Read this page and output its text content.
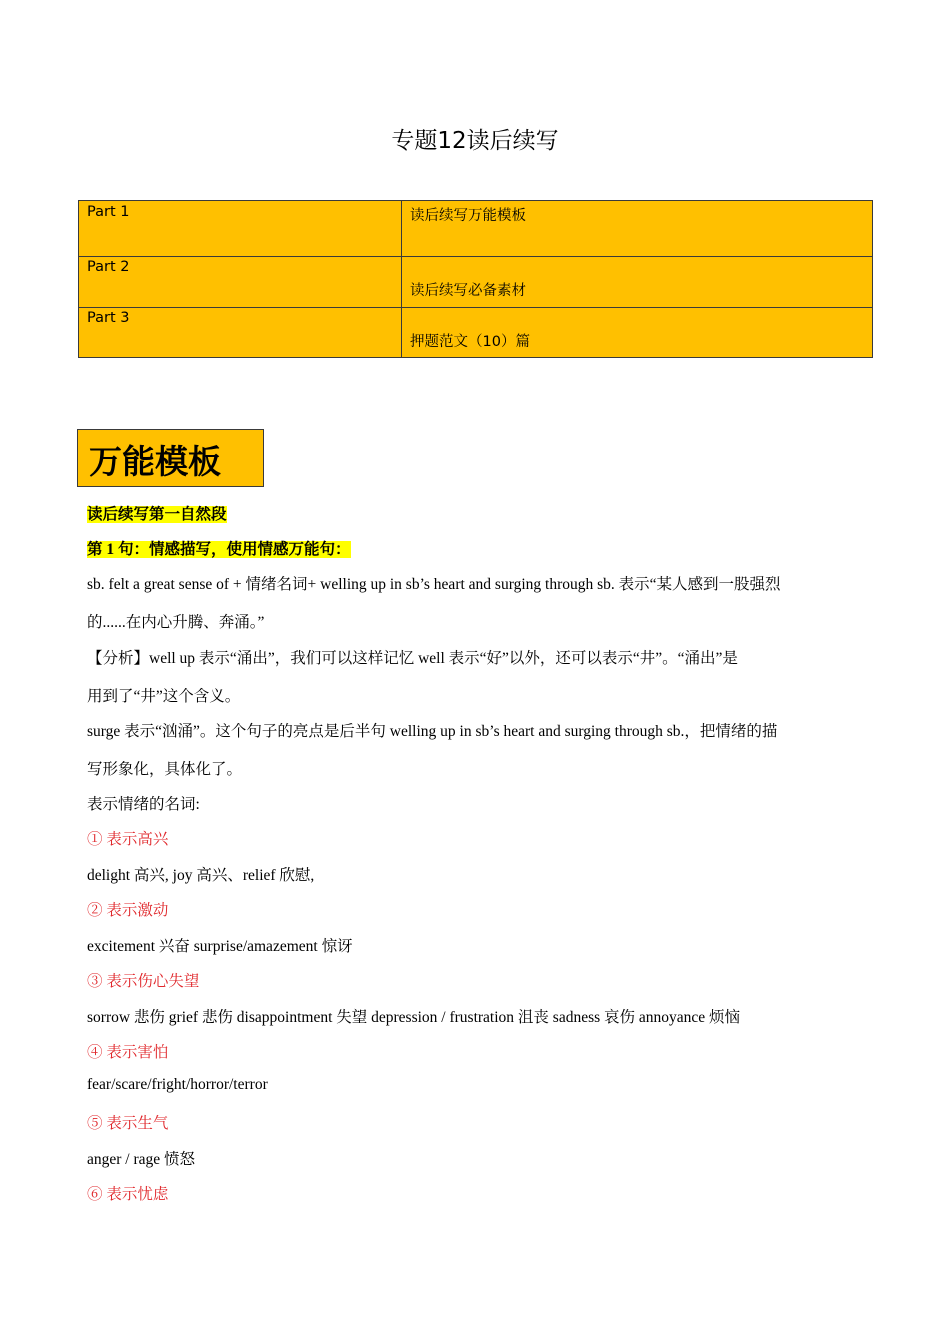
专题12读后续写
Part 1	读后续写万能模板

Part 2	读后续写必备素材

Part 3	押题范文（10）篇
万能模板
读后续写第一自然段
第 1 句：情感描写，使用情感万能句：
sb. felt a great sense of + 情绪名词+ welling up in sb’s heart and surging through sb. 表示“某人感到一股强烈
的......在内心升腾、奔涌。”
【分析】well up 表示“涌出”，我们可以这样记忆 well 表示“好”以外，还可以表示“井”。“涌出”是
用到了“井”这个含义。
surge 表示“汹涌”。这个句子的亮点是后半句 welling up in sb’s heart and surging through sb.，把情绪的描
写形象化，具体化了。
表示情绪的名词:
① 表示高兴
delight 高兴, joy 高兴、relief 欣慰,
② 表示激动
excitement 兴奋 surprise/amazement 惊讶
③ 表示伤心失望
sorrow 悲伤 grief 悲伤 disappointment 失望 depression / frustration 沮丧 sadness 哀伤 annoyance 烦恼
④ 表示害怕
fear/scare/fright/horror/terror
⑤ 表示生气
anger / rage 愤怒
⑥ 表示忧虑
